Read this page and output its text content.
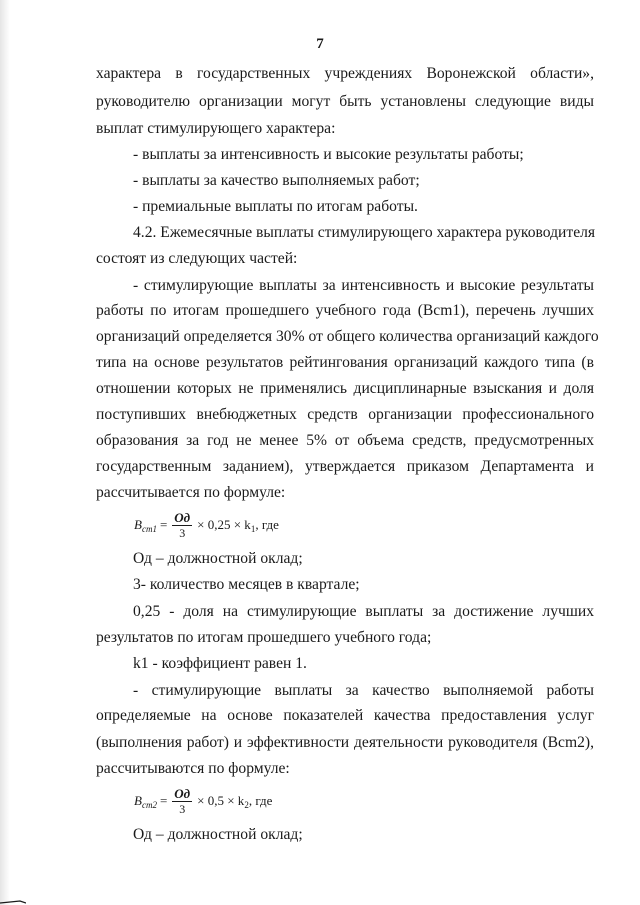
7
характера в государственных учреждениях Воронежской области»,
руководителю организации могут быть установлены следующие виды
выплат стимулирующего характера:
- выплаты за интенсивность и высокие результаты работы;
- выплаты за качество выполняемых работ;
- премиальные выплаты по итогам работы.
4.2. Ежемесячные выплаты стимулирующего характера руководителя
состоят из следующих частей:
- стимулирующие выплаты за интенсивность и высокие результаты
работы по итогам прошедшего учебного года (Bcm1), перечень лучших
организаций определяется 30% от общего количества организаций каждого
типа на основе результатов рейтингования организаций каждого типа (в
отношении которых не применялись дисциплинарные взыскания и доля
поступивших внебюджетных средств организации профессионального
образования за год не менее 5% от объема средств, предусмотренных
государственным заданием), утверждается приказом Департамента и
рассчитывается по формуле:
$B_{cm1} = \frac{Од}{3} \times 0,25 \times k_1$, где
Од – должностной оклад;
3- количество месяцев в квартале;
0,25 - доля на стимулирующие выплаты за достижение лучших
результатов по итогам прошедшего учебного года;
k1 - коэффициент равен 1.
- стимулирующие выплаты за качество выполняемой работы
определяемые на основе показателей качества предоставления услуг
(выполнения работ) и эффективности деятельности руководителя (Bcm2),
рассчитываются по формуле:
$B_{cm2} = \frac{Од}{3} \times 0,5 \times k_2$, где
Од – должностной оклад;
